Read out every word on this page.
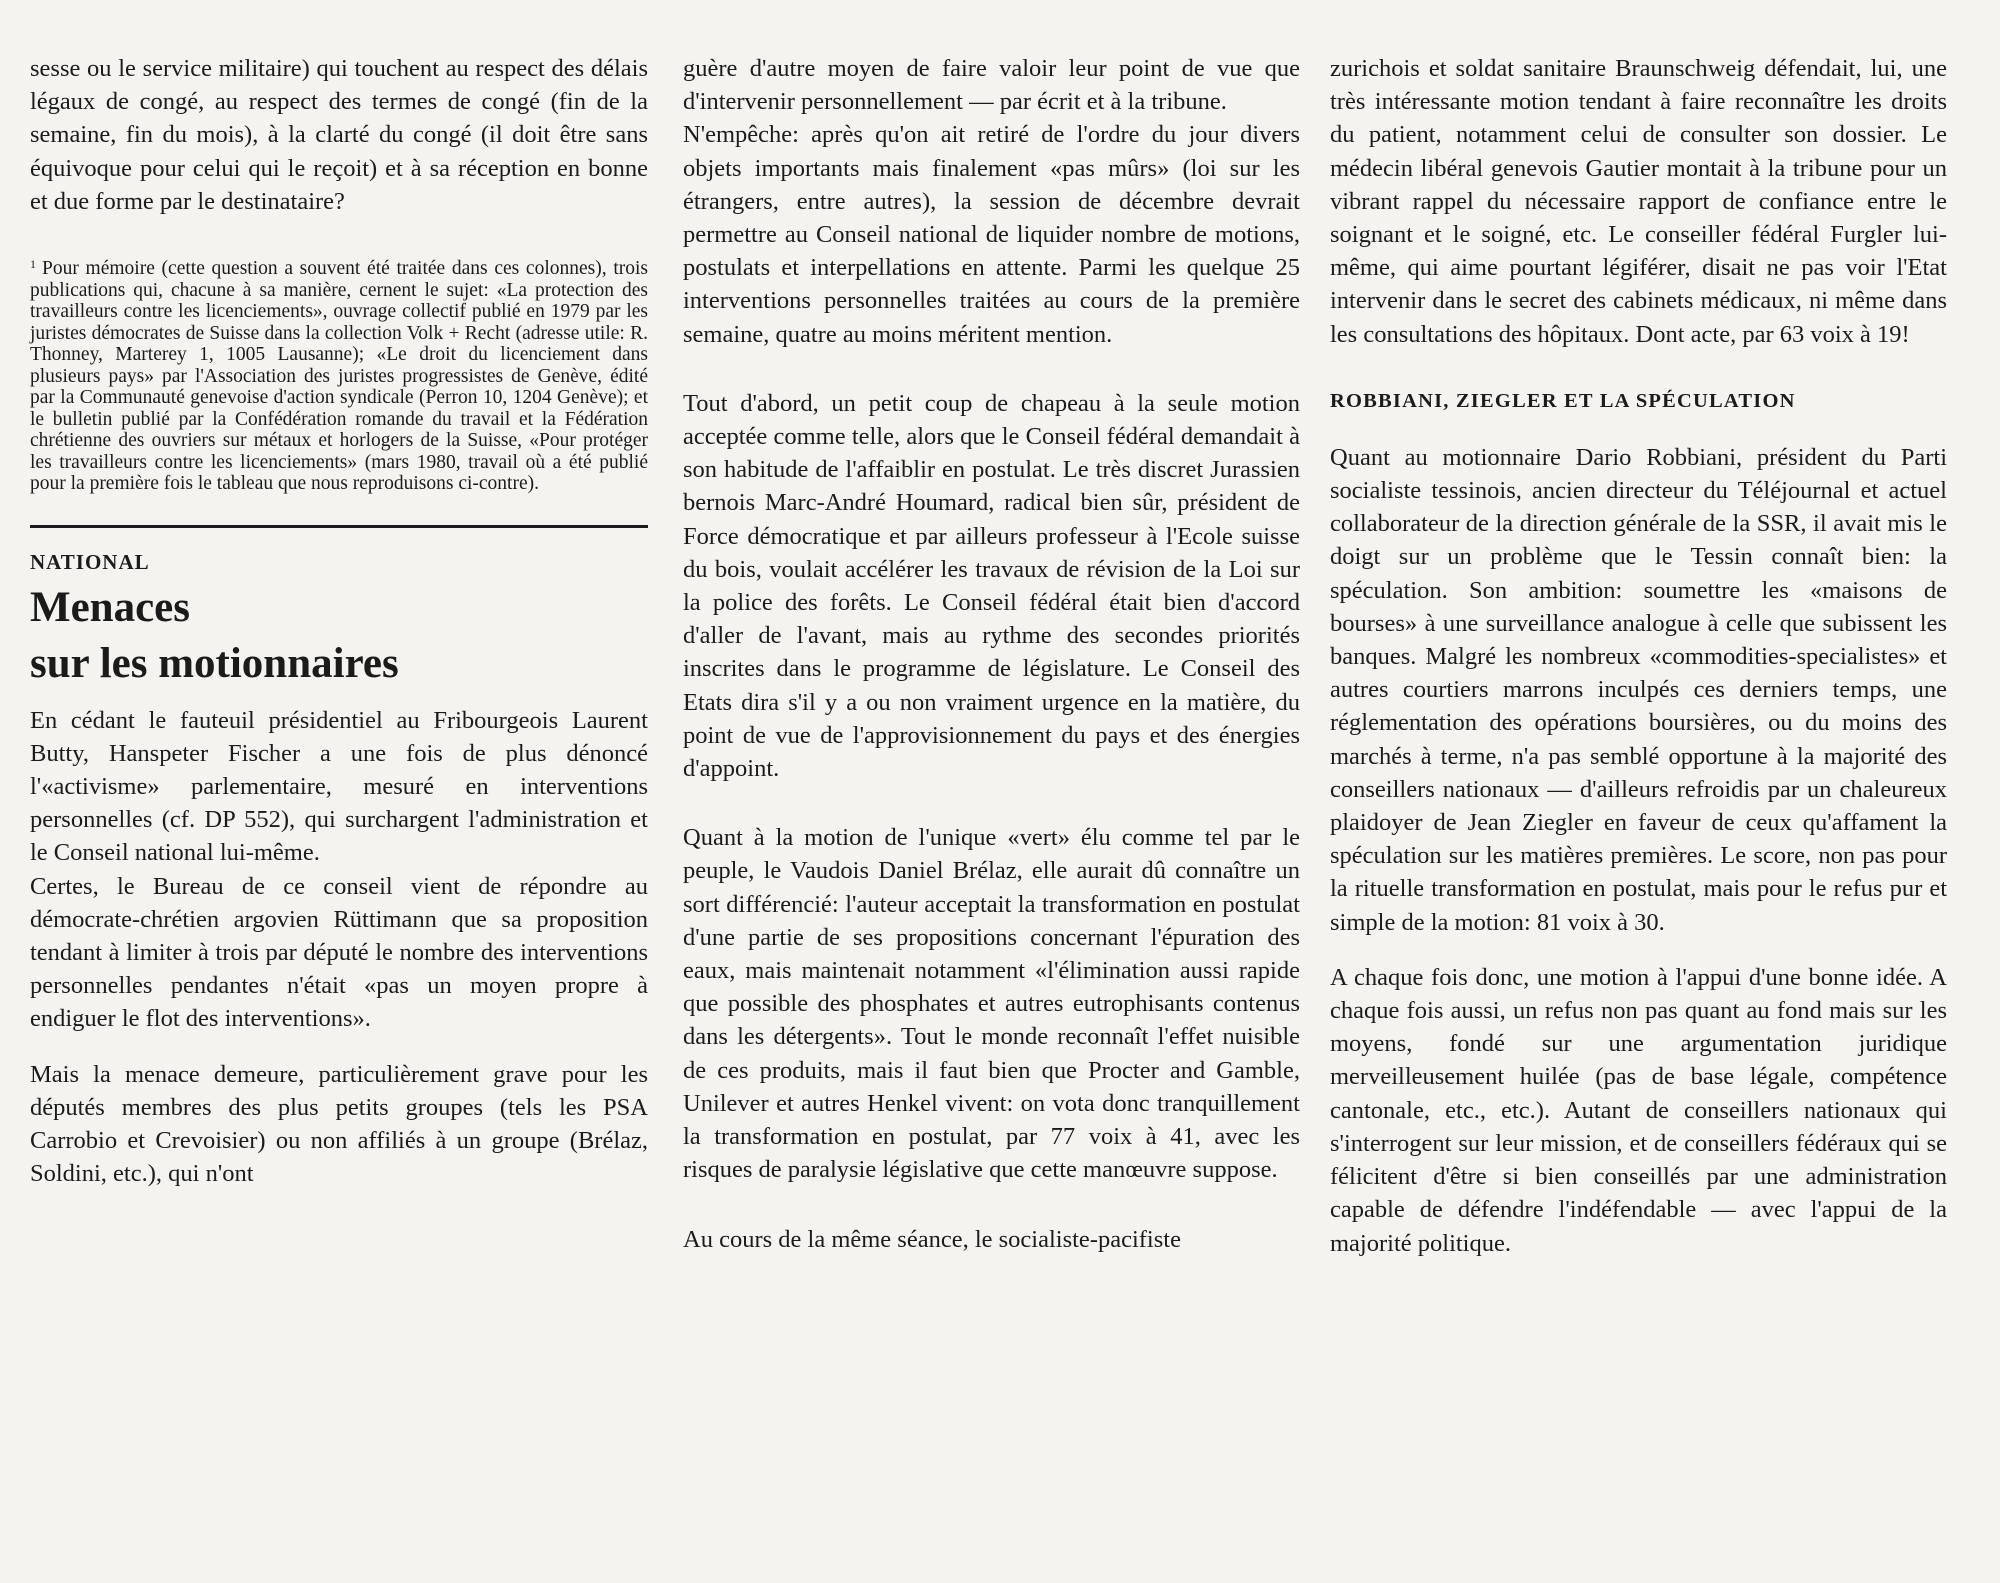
sesse ou le service militaire) qui touchent au respect des délais légaux de congé, au respect des termes de congé (fin de la semaine, fin du mois), à la clarté du congé (il doit être sans équivoque pour celui qui le reçoit) et à sa réception en bonne et due forme par le destinataire?

$^1$ Pour mémoire (cette question a souvent été traitée dans ces colonnes), trois publications qui, chacune à sa manière, cernent le sujet: «La protection des travailleurs contre les licenciements», ouvrage collectif publié en 1979 par les juristes démocrates de Suisse dans la collection Volk + Recht (adresse utile: R. Thonney, Marterey 1, 1005 Lausanne); «Le droit du licenciement dans plusieurs pays» par l'Association des juristes progressistes de Genève, édité par la Communauté genevoise d'action syndicale (Perron 10, 1204 Genève); et le bulletin publié par la Confédération romande du travail et la Fédération chrétienne des ouvriers sur métaux et horlogers de la Suisse, «Pour protéger les travailleurs contre les licenciements» (mars 1980, travail où a été publié pour la première fois le tableau que nous reproduisons ci-contre).

NATIONAL

Menaces
sur les motionnaires

En cédant le fauteuil présidentiel au Fribourgeois Laurent Butty, Hanspeter Fischer a une fois de plus dénoncé l'«activisme» parlementaire, mesuré en interventions personnelles (cf. DP 552), qui surchargent l'administration et le Conseil national lui-même.

Certes, le Bureau de ce conseil vient de répondre au démocrate-chrétien argovien Rüttimann que sa proposition tendant à limiter à trois par député le nombre des interventions personnelles pendantes n'était «pas un moyen propre à endiguer le flot des interventions».

Mais la menace demeure, particulièrement grave pour les députés membres des plus petits groupes (tels les PSA Carrobio et Crevoisier) ou non affiliés à un groupe (Brélaz, Soldini, etc.), qui n'ont

guère d'autre moyen de faire valoir leur point de vue que d'intervenir personnellement — par écrit et à la tribune.

N'empêche: après qu'on ait retiré de l'ordre du jour divers objets importants mais finalement «pas mûrs» (loi sur les étrangers, entre autres), la session de décembre devrait permettre au Conseil national de liquider nombre de motions, postulats et interpellations en attente. Parmi les quelque 25 interventions personnelles traitées au cours de la première semaine, quatre au moins méritent mention.

Tout d'abord, un petit coup de chapeau à la seule motion acceptée comme telle, alors que le Conseil fédéral demandait à son habitude de l'affaiblir en postulat. Le très discret Jurassien bernois Marc-André Houmard, radical bien sûr, président de Force démocratique et par ailleurs professeur à l'Ecole suisse du bois, voulait accélérer les travaux de révision de la Loi sur la police des forêts. Le Conseil fédéral était bien d'accord d'aller de l'avant, mais au rythme des secondes priorités inscrites dans le programme de législature. Le Conseil des Etats dira s'il y a ou non vraiment urgence en la matière, du point de vue de l'approvisionnement du pays et des énergies d'appoint.

Quant à la motion de l'unique «vert» élu comme tel par le peuple, le Vaudois Daniel Brélaz, elle aurait dû connaître un sort différencié: l'auteur acceptait la transformation en postulat d'une partie de ses propositions concernant l'épuration des eaux, mais maintenait notamment «l'élimination aussi rapide que possible des phosphates et autres eutrophisants contenus dans les détergents». Tout le monde reconnaît l'effet nuisible de ces produits, mais il faut bien que Procter and Gamble, Unilever et autres Henkel vivent: on vota donc tranquillement la transformation en postulat, par 77 voix à 41, avec les risques de paralysie législative que cette manœuvre suppose.

Au cours de la même séance, le socialiste-pacifiste

zurichois et soldat sanitaire Braunschweig défendait, lui, une très intéressante motion tendant à faire reconnaître les droits du patient, notamment celui de consulter son dossier. Le médecin libéral genevois Gautier montait à la tribune pour un vibrant rappel du nécessaire rapport de confiance entre le soignant et le soigné, etc. Le conseiller fédéral Furgler lui-même, qui aime pourtant légiférer, disait ne pas voir l'Etat intervenir dans le secret des cabinets médicaux, ni même dans les consultations des hôpitaux. Dont acte, par 63 voix à 19!

ROBBIANI, ZIEGLER ET LA SPÉCULATION

Quant au motionnaire Dario Robbiani, président du Parti socialiste tessinois, ancien directeur du Téléjournal et actuel collaborateur de la direction générale de la SSR, il avait mis le doigt sur un problème que le Tessin connaît bien: la spéculation. Son ambition: soumettre les «maisons de bourses» à une surveillance analogue à celle que subissent les banques. Malgré les nombreux «commodities-specialistes» et autres courtiers marrons inculpés ces derniers temps, une réglementation des opérations boursières, ou du moins des marchés à terme, n'a pas semblé opportune à la majorité des conseillers nationaux — d'ailleurs refroidis par un chaleureux plaidoyer de Jean Ziegler en faveur de ceux qu'affament la spéculation sur les matières premières. Le score, non pas pour la rituelle transformation en postulat, mais pour le refus pur et simple de la motion: 81 voix à 30.

A chaque fois donc, une motion à l'appui d'une bonne idée. A chaque fois aussi, un refus non pas quant au fond mais sur les moyens, fondé sur une argumentation juridique merveilleusement huilée (pas de base légale, compétence cantonale, etc., etc.). Autant de conseillers nationaux qui s'interrogent sur leur mission, et de conseillers fédéraux qui se félicitent d'être si bien conseillés par une administration capable de défendre l'indéfendable — avec l'appui de la majorité politique.
